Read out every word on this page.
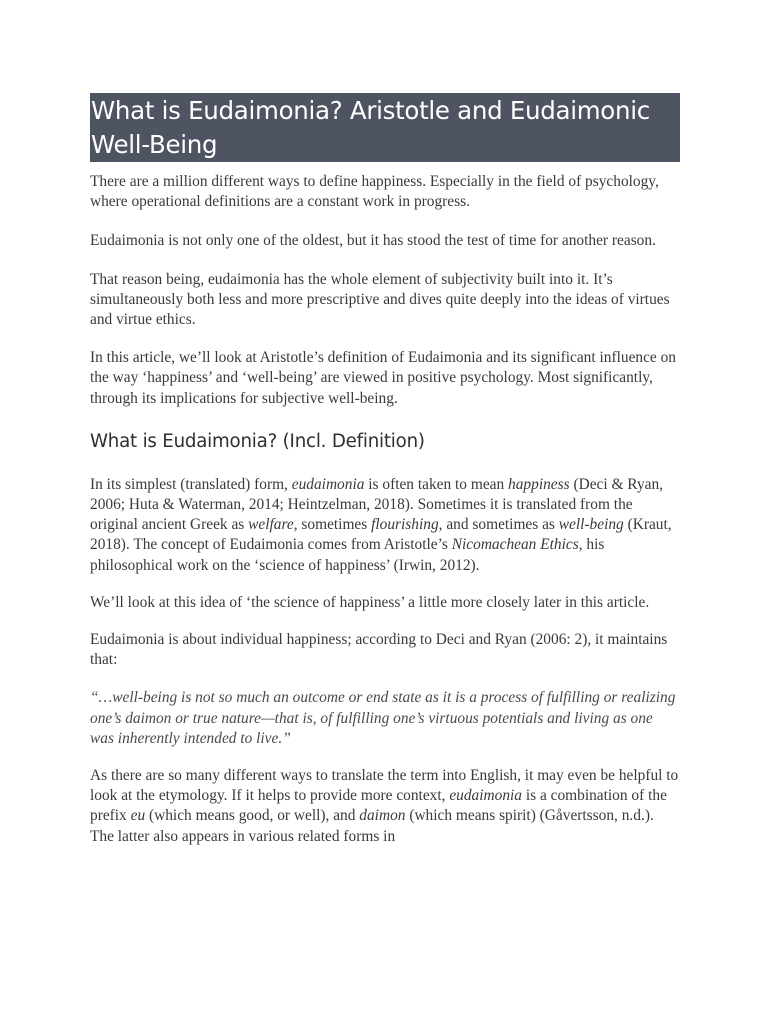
What is Eudaimonia? Aristotle and Eudaimonic Well-Being

There are a million different ways to define happiness. Especially in the field of psychology, where operational definitions are a constant work in progress.

Eudaimonia is not only one of the oldest, but it has stood the test of time for another reason.

That reason being, eudaimonia has the whole element of subjectivity built into it. It’s simultaneously both less and more prescriptive and dives quite deeply into the ideas of virtues and virtue ethics.

In this article, we’ll look at Aristotle’s definition of Eudaimonia and its significant influence on the way ‘happiness’ and ‘well-being’ are viewed in positive psychology. Most significantly, through its implications for subjective well-being.

What is Eudaimonia? (Incl. Definition)

In its simplest (translated) form, eudaimonia is often taken to mean happiness (Deci & Ryan, 2006; Huta & Waterman, 2014; Heintzelman, 2018). Sometimes it is translated from the original ancient Greek as welfare, sometimes flourishing, and sometimes as well-being (Kraut, 2018). The concept of Eudaimonia comes from Aristotle’s Nicomachean Ethics, his philosophical work on the ‘science of happiness’ (Irwin, 2012).

We’ll look at this idea of ‘the science of happiness’ a little more closely later in this article.

Eudaimonia is about individual happiness; according to Deci and Ryan (2006: 2), it maintains that:

“…well-being is not so much an outcome or end state as it is a process of fulfilling or realizing one’s daimon or true nature—that is, of fulfilling one’s virtuous potentials and living as one was inherently intended to live.”

As there are so many different ways to translate the term into English, it may even be helpful to look at the etymology. If it helps to provide more context, eudaimonia is a combination of the prefix eu (which means good, or well), and daimon (which means spirit) (Gåvertsson, n.d.). The latter also appears in various related forms in
